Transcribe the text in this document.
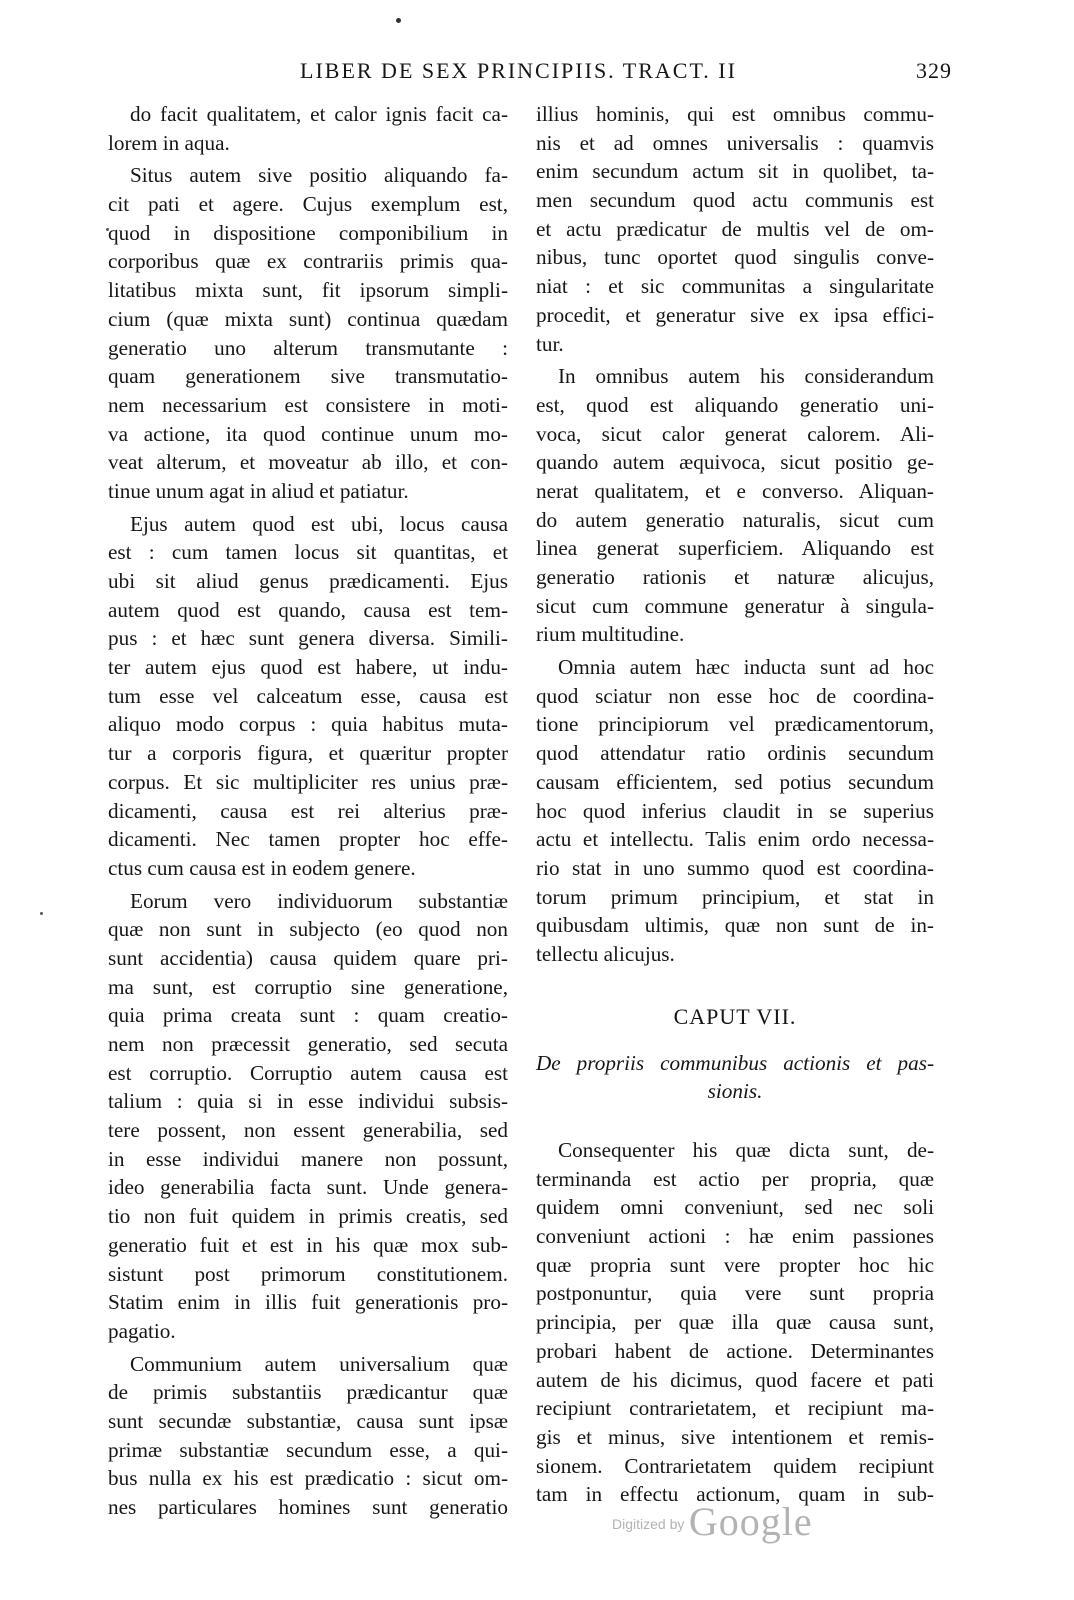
LIBER DE SEX PRINCIPIIS. TRACT. II	329
do facit qualitatem, et calor ignis facit ca-
lorem in aqua.
Situs autem sive positio aliquando fa-
cit pati et agere. Cujus exemplum est,
quod in dispositione componibilium in
corporibus quæ ex contrariis primis qua-
litatibus mixta sunt, fit ipsorum simpli-
cium (quæ mixta sunt) continua quædam
generatio uno alterum transmutante :
quam generationem sive transmutatio-
nem necessarium est consistere in moti-
va actione, ita quod continue unum mo-
veat alterum, et moveatur ab illo, et con-
tinue unum agat in aliud et patiatur.
Ejus autem quod est ubi, locus causa
est : cum tamen locus sit quantitas, et
ubi sit aliud genus prædicamenti. Ejus
autem quod est quando, causa est tem-
pus : et hæc sunt genera diversa. Simili-
ter autem ejus quod est habere, ut indu-
tum esse vel calceatum esse, causa est
aliquo modo corpus : quia habitus muta-
tur a corporis figura, et quæritur propter
corpus. Et sic multipliciter res unius præ-
dicamenti, causa est rei alterius præ-
dicamenti. Nec tamen propter hoc effe-
ctus cum causa est in eodem genere.
Eorum vero individuorum substantiæ
quæ non sunt in subjecto (eo quod non
sunt accidentia) causa quidem quare pri-
ma sunt, est corruptio sine generatione,
quia prima creata sunt : quam creatio-
nem non præcessit generatio, sed secuta
est corruptio. Corruptio autem causa est
talium : quia si in esse individui subsis-
tere possent, non essent generabilia, sed
in esse individui manere non possunt,
ideo generabilia facta sunt. Unde genera-
tio non fuit quidem in primis creatis, sed
generatio fuit et est in his quæ mox sub-
sistunt post primorum constitutionem.
Statim enim in illis fuit generationis pro-
pagatio.
Communium autem universalium quæ
de primis substantiis prædicantur quæ
sunt secundæ substantiæ, causa sunt ipsæ
primæ substantiæ secundum esse, a qui-
bus nulla ex his est prædicatio : sicut om-
nes particulares homines sunt generatio
illius hominis, qui est omnibus commu-
nis et ad omnes universalis : quamvis
enim secundum actum sit in quolibet, ta-
men secundum quod actu communis est
et actu prædicatur de multis vel de om-
nibus, tunc oportet quod singulis conve-
niat : et sic communitas a singularitate
procedit, et generatur sive ex ipsa effici-
tur.
In omnibus autem his considerandum
est, quod est aliquando generatio uni-
voca, sicut calor generat calorem. Ali-
quando autem æquivoca, sicut positio ge-
nerat qualitatem, et e converso. Aliquan-
do autem generatio naturalis, sicut cum
linea generat superficiem. Aliquando est
generatio rationis et naturæ alicujus,
sicut cum commune generatur à singula-
rium multitudine.
Omnia autem hæc inducta sunt ad hoc
quod sciatur non esse hoc de coordina-
tione principiorum vel prædicamentorum,
quod attendatur ratio ordinis secundum
causam efficientem, sed potius secundum
hoc quod inferius claudit in se superius
actu et intellectu. Talis enim ordo necessa-
rio stat in uno summo quod est coordina-
torum primum principium, et stat in
quibusdam ultimis, quæ non sunt de in-
tellectu alicujus.
CAPUT VII.
De propriis communibus actionis et pas-
sionis.
Consequenter his quæ dicta sunt, de-
terminanda est actio per propria, quæ
quidem omni conveniunt, sed nec soli
conveniunt actioni : hæ enim passiones
quæ propria sunt vere propter hoc hic
postponuntur, quia vere sunt propria
principia, per quæ illa quæ causa sunt,
probari habent de actione. Determinantes
autem de his dicimus, quod facere et pati
recipiunt contrarietatem, et recipiunt ma-
gis et minus, sive intentionem et remis-
sionem. Contrarietatem quidem recipiunt
tam in effectu actionum, quam in sub-
Digitized by Google
